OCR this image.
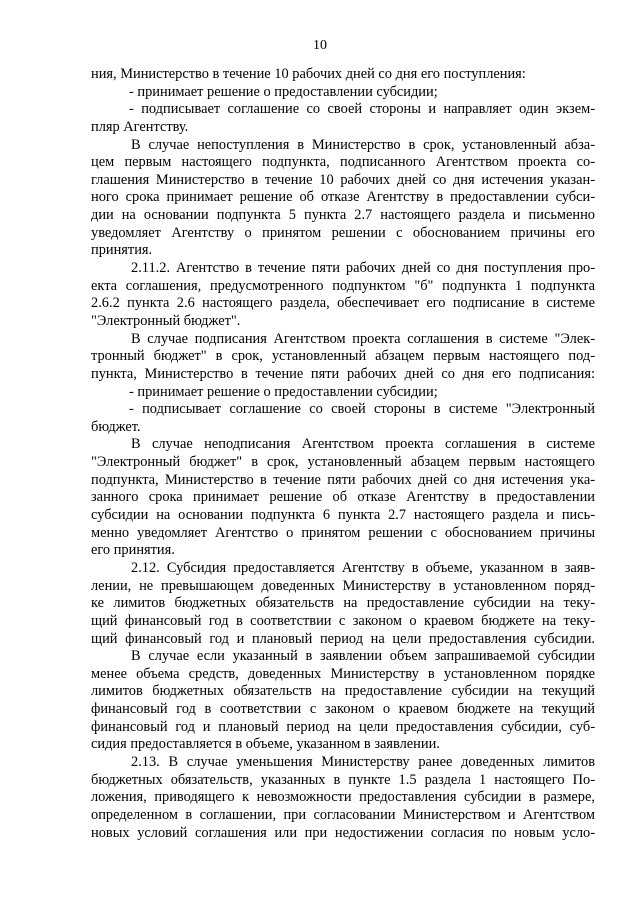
10
ния, Министерство в течение 10 рабочих дней со дня его поступления:
- принимает решение о предоставлении субсидии;
- подписывает соглашение со своей стороны и направляет один экзем-
пляр Агентству.
В случае непоступления в Министерство в срок, установленный абза-
цем первым настоящего подпункта, подписанного Агентством проекта со-
глашения Министерство в течение 10 рабочих дней со дня истечения указан-
ного срока принимает решение об отказе Агентству в предоставлении субси-
дии на основании подпункта 5 пункта 2.7 настоящего раздела и письменно
уведомляет Агентству о принятом решении с обоснованием причины его
принятия.
2.11.2. Агентство в течение пяти рабочих дней со дня поступления про-
екта соглашения, предусмотренного подпунктом "б" подпункта 1 подпункта
2.6.2 пункта 2.6 настоящего раздела, обеспечивает его подписание в системе
"Электронный бюджет".
В случае подписания Агентством проекта соглашения в системе "Элек-
тронный бюджет" в срок, установленный абзацем первым настоящего под-
пункта, Министерство в течение пяти рабочих дней со дня его подписания:
- принимает решение о предоставлении субсидии;
- подписывает соглашение со своей стороны в системе "Электронный
бюджет.
В случае неподписания Агентством проекта соглашения в системе
"Электронный бюджет" в срок, установленный абзацем первым настоящего
подпункта, Министерство в течение пяти рабочих дней со дня истечения ука-
занного срока принимает решение об отказе Агентству в предоставлении
субсидии на основании подпункта 6 пункта 2.7 настоящего раздела и пись-
менно уведомляет Агентство о принятом решении с обоснованием причины
его принятия.
2.12. Субсидия предоставляется Агентству в объеме, указанном в заяв-
лении, не превышающем доведенных Министерству в установленном поряд-
ке лимитов бюджетных обязательств на предоставление субсидии на теку-
щий финансовый год в соответствии с законом о краевом бюджете на теку-
щий финансовый год и плановый период на цели предоставления субсидии.
В случае если указанный в заявлении объем запрашиваемой субсидии
менее объема средств, доведенных Министерству в установленном порядке
лимитов бюджетных обязательств на предоставление субсидии на текущий
финансовый год в соответствии с законом о краевом бюджете на текущий
финансовый год и плановый период на цели предоставления субсидии, суб-
сидия предоставляется в объеме, указанном в заявлении.
2.13. В случае уменьшения Министерству ранее доведенных лимитов
бюджетных обязательств, указанных в пункте 1.5 раздела 1 настоящего По-
ложения, приводящего к невозможности предоставления субсидии в размере,
определенном в соглашении, при согласовании Министерством и Агентством
новых условий соглашения или при недостижении согласия по новым усло-
